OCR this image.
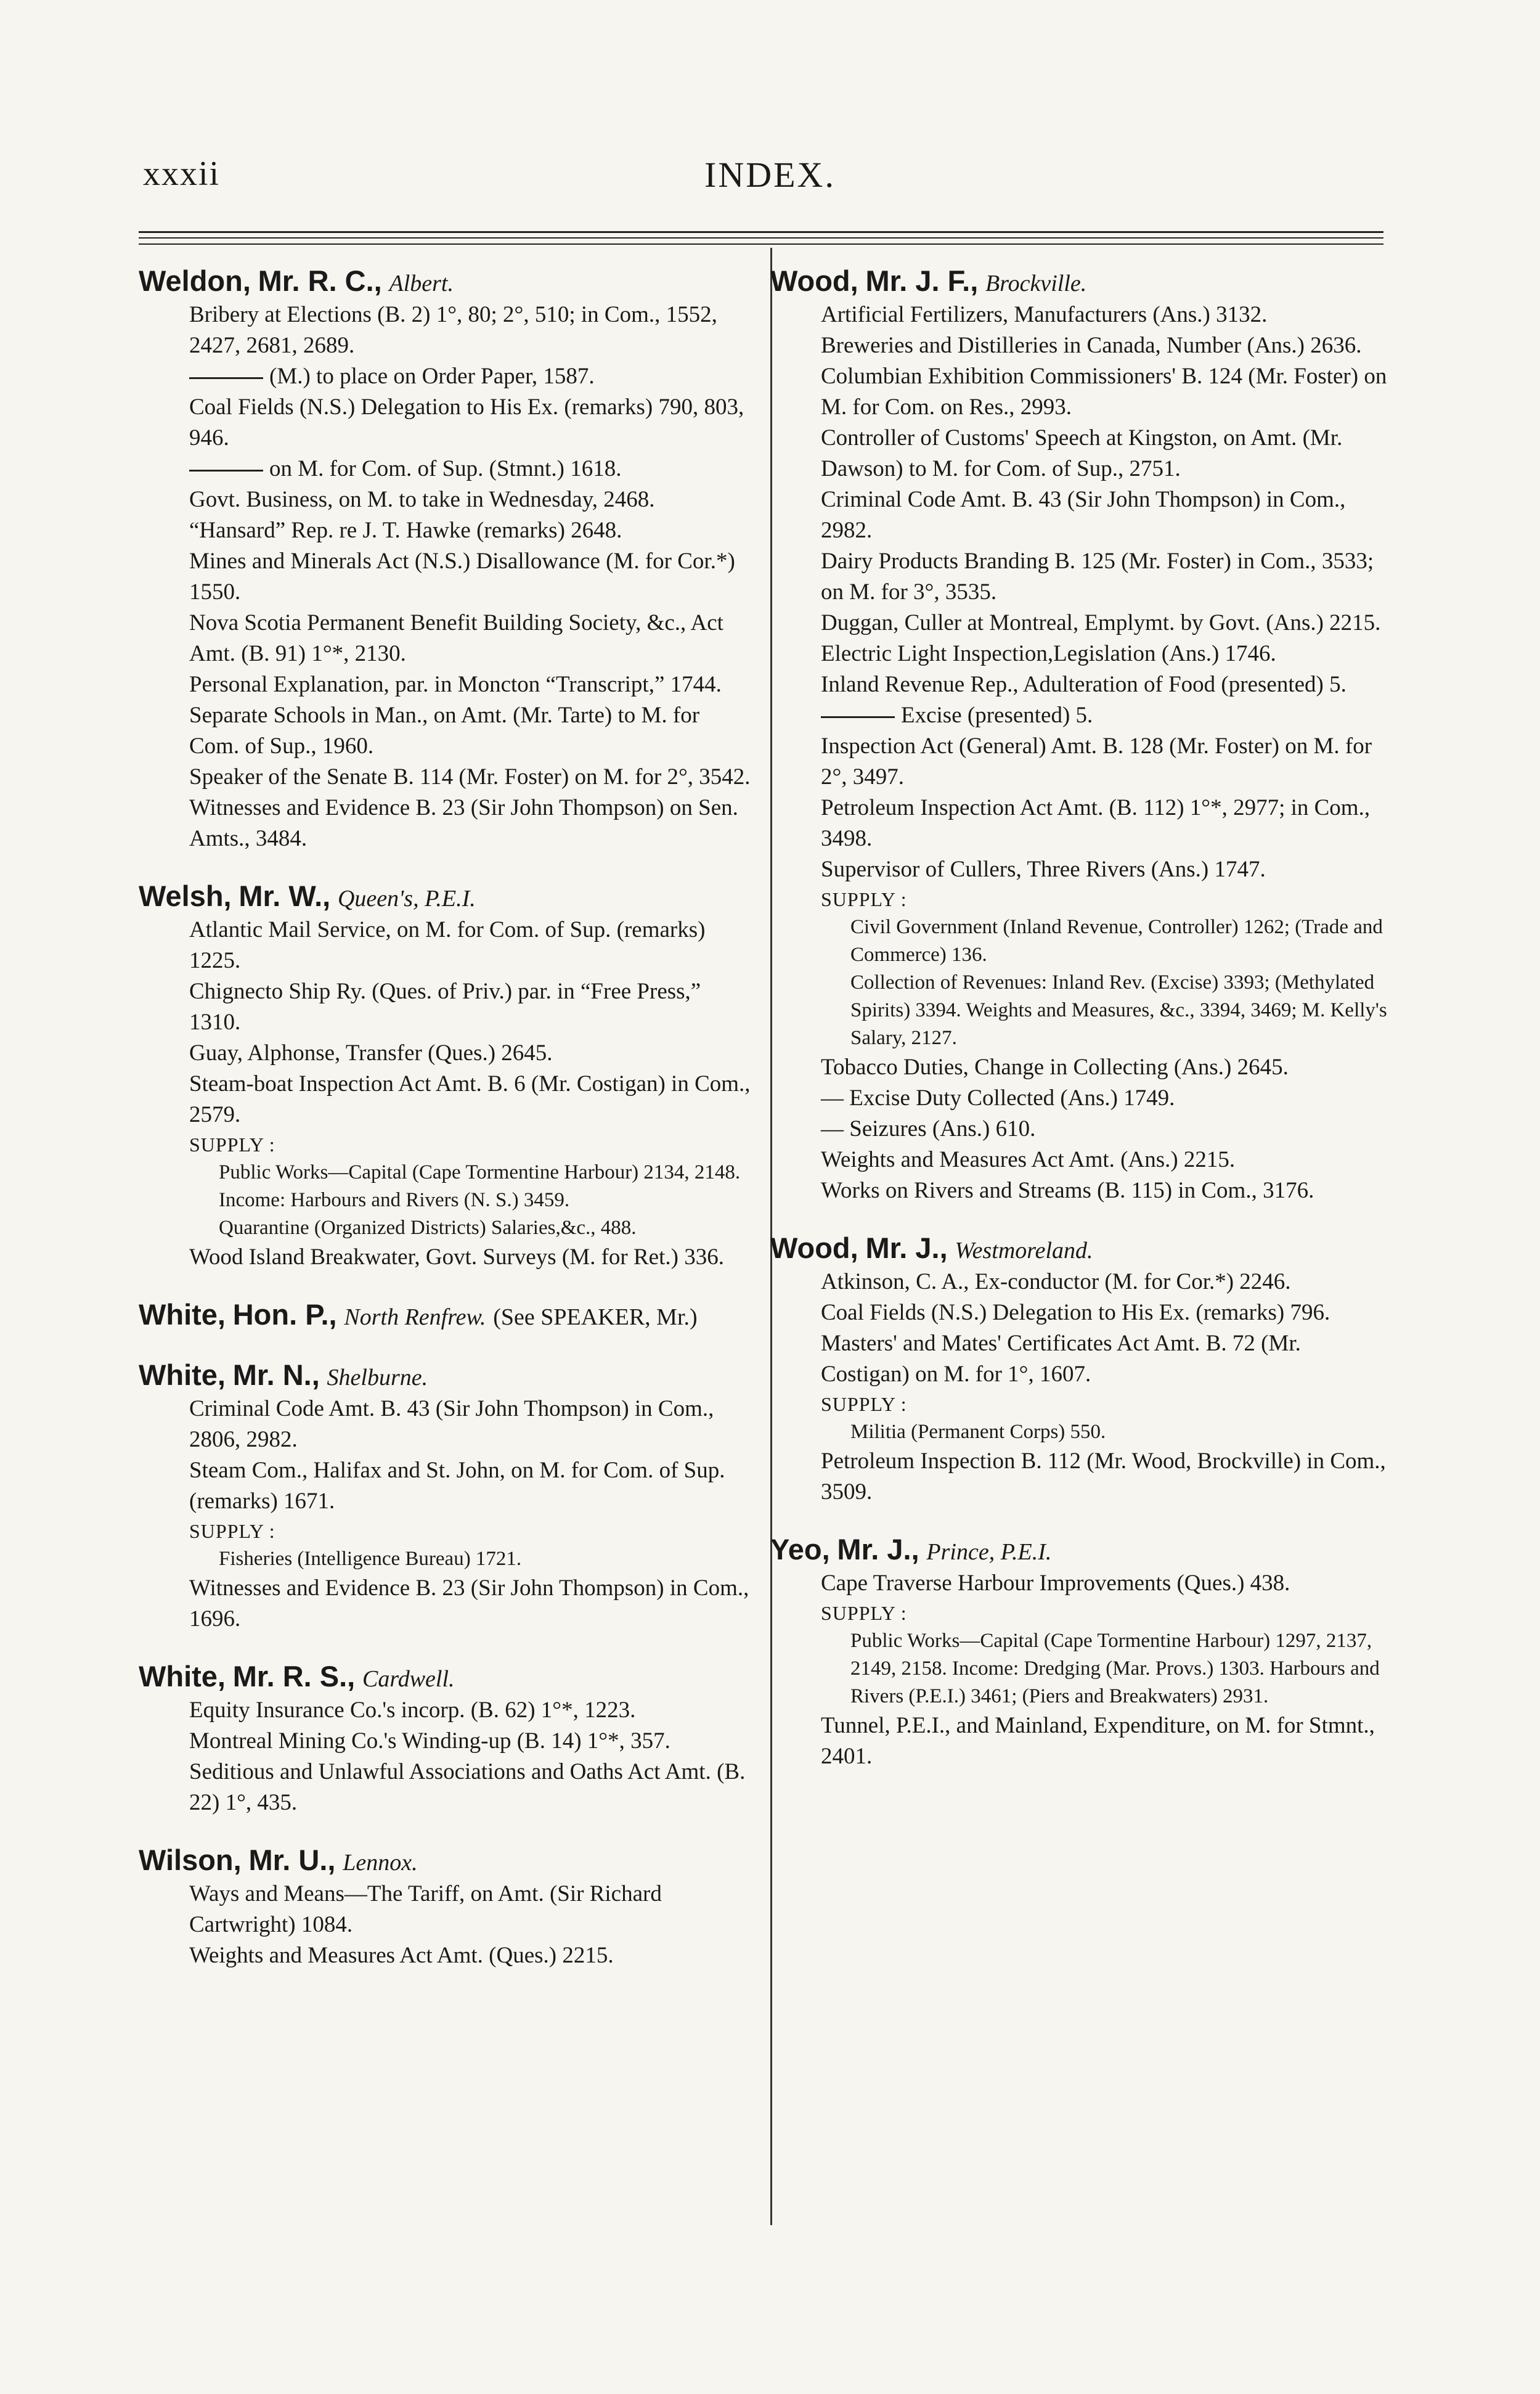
xxxii	INDEX.
Weldon, Mr. R. C., Albert.
Bribery at Elections (B. 2) 1°, 80; 2°, 510; in Com., 1552, 2427, 2681, 2689.
(M.) to place on Order Paper, 1587.
Coal Fields (N.S.) Delegation to His Ex. (remarks) 790, 803, 946.
on M. for Com. of Sup. (Stmnt.) 1618.
Govt. Business, on M. to take in Wednesday, 2468.
“Hansard” Rep. re J. T. Hawke (remarks) 2648.
Mines and Minerals Act (N.S.) Disallowance (M. for Cor.*) 1550.
Nova Scotia Permanent Benefit Building Society, &c., Act Amt. (B. 91) 1°*, 2130.
Personal Explanation, par. in Moncton “Transcript,” 1744.
Separate Schools in Man., on Amt. (Mr. Tarte) to M. for Com. of Sup., 1960.
Speaker of the Senate B. 114 (Mr. Foster) on M. for 2°, 3542.
Witnesses and Evidence B. 23 (Sir John Thompson) on Sen. Amts., 3484.
Welsh, Mr. W., Queen's, P.E.I.
Atlantic Mail Service, on M. for Com. of Sup. (remarks) 1225.
Chignecto Ship Ry. (Ques. of Priv.) par. in “Free Press,” 1310.
Guay, Alphonse, Transfer (Ques.) 2645.
Steam-boat Inspection Act Amt. B. 6 (Mr. Costigan) in Com., 2579.
SUPPLY :
Public Works—Capital (Cape Tormentine Harbour) 2134, 2148. Income: Harbours and Rivers (N. S.) 3459.
Quarantine (Organized Districts) Salaries,&c., 488.
Wood Island Breakwater, Govt. Surveys (M. for Ret.) 336.
White, Hon. P., North Renfrew. (See SPEAKER, Mr.)
White, Mr. N., Shelburne.
Criminal Code Amt. B. 43 (Sir John Thompson) in Com., 2806, 2982.
Steam Com., Halifax and St. John, on M. for Com. of Sup. (remarks) 1671.
SUPPLY :
Fisheries (Intelligence Bureau) 1721.
Witnesses and Evidence B. 23 (Sir John Thompson) in Com., 1696.
White, Mr. R. S., Cardwell.
Equity Insurance Co.'s incorp. (B. 62) 1°*, 1223.
Montreal Mining Co.'s Winding-up (B. 14) 1°*, 357.
Seditious and Unlawful Associations and Oaths Act Amt. (B. 22) 1°, 435.
Wilson, Mr. U., Lennox.
Ways and Means—The Tariff, on Amt. (Sir Richard Cartwright) 1084.
Weights and Measures Act Amt. (Ques.) 2215.
Wood, Mr. J. F., Brockville.
Artificial Fertilizers, Manufacturers (Ans.) 3132.
Breweries and Distilleries in Canada, Number (Ans.) 2636.
Columbian Exhibition Commissioners' B. 124 (Mr. Foster) on M. for Com. on Res., 2993.
Controller of Customs' Speech at Kingston, on Amt. (Mr. Dawson) to M. for Com. of Sup., 2751.
Criminal Code Amt. B. 43 (Sir John Thompson) in Com., 2982.
Dairy Products Branding B. 125 (Mr. Foster) in Com., 3533; on M. for 3°, 3535.
Duggan, Culler at Montreal, Emplymt. by Govt. (Ans.) 2215.
Electric Light Inspection,Legislation (Ans.) 1746.
Inland Revenue Rep., Adulteration of Food (presented) 5.
Excise (presented) 5.
Inspection Act (General) Amt. B. 128 (Mr. Foster) on M. for 2°, 3497.
Petroleum Inspection Act Amt. (B. 112) 1°*, 2977; in Com., 3498.
Supervisor of Cullers, Three Rivers (Ans.) 1747.
SUPPLY :
Civil Government (Inland Revenue, Controller) 1262; (Trade and Commerce) 136.
Collection of Revenues: Inland Rev. (Excise) 3393; (Methylated Spirits) 3394. Weights and Measures, &c., 3394, 3469; M. Kelly's Salary, 2127.
Tobacco Duties, Change in Collecting (Ans.) 2645.
— Excise Duty Collected (Ans.) 1749.
— Seizures (Ans.) 610.
Weights and Measures Act Amt. (Ans.) 2215.
Works on Rivers and Streams (B. 115) in Com., 3176.
Wood, Mr. J., Westmoreland.
Atkinson, C. A., Ex-conductor (M. for Cor.*) 2246.
Coal Fields (N.S.) Delegation to His Ex. (remarks) 796.
Masters' and Mates' Certificates Act Amt. B. 72 (Mr. Costigan) on M. for 1°, 1607.
SUPPLY :
Militia (Permanent Corps) 550.
Petroleum Inspection B. 112 (Mr. Wood, Brockville) in Com., 3509.
Yeo, Mr. J., Prince, P.E.I.
Cape Traverse Harbour Improvements (Ques.) 438.
SUPPLY :
Public Works—Capital (Cape Tormentine Harbour) 1297, 2137, 2149, 2158. Income: Dredging (Mar. Provs.) 1303. Harbours and Rivers (P.E.I.) 3461; (Piers and Breakwaters) 2931.
Tunnel, P.E.I., and Mainland, Expenditure, on M. for Stmnt., 2401.
